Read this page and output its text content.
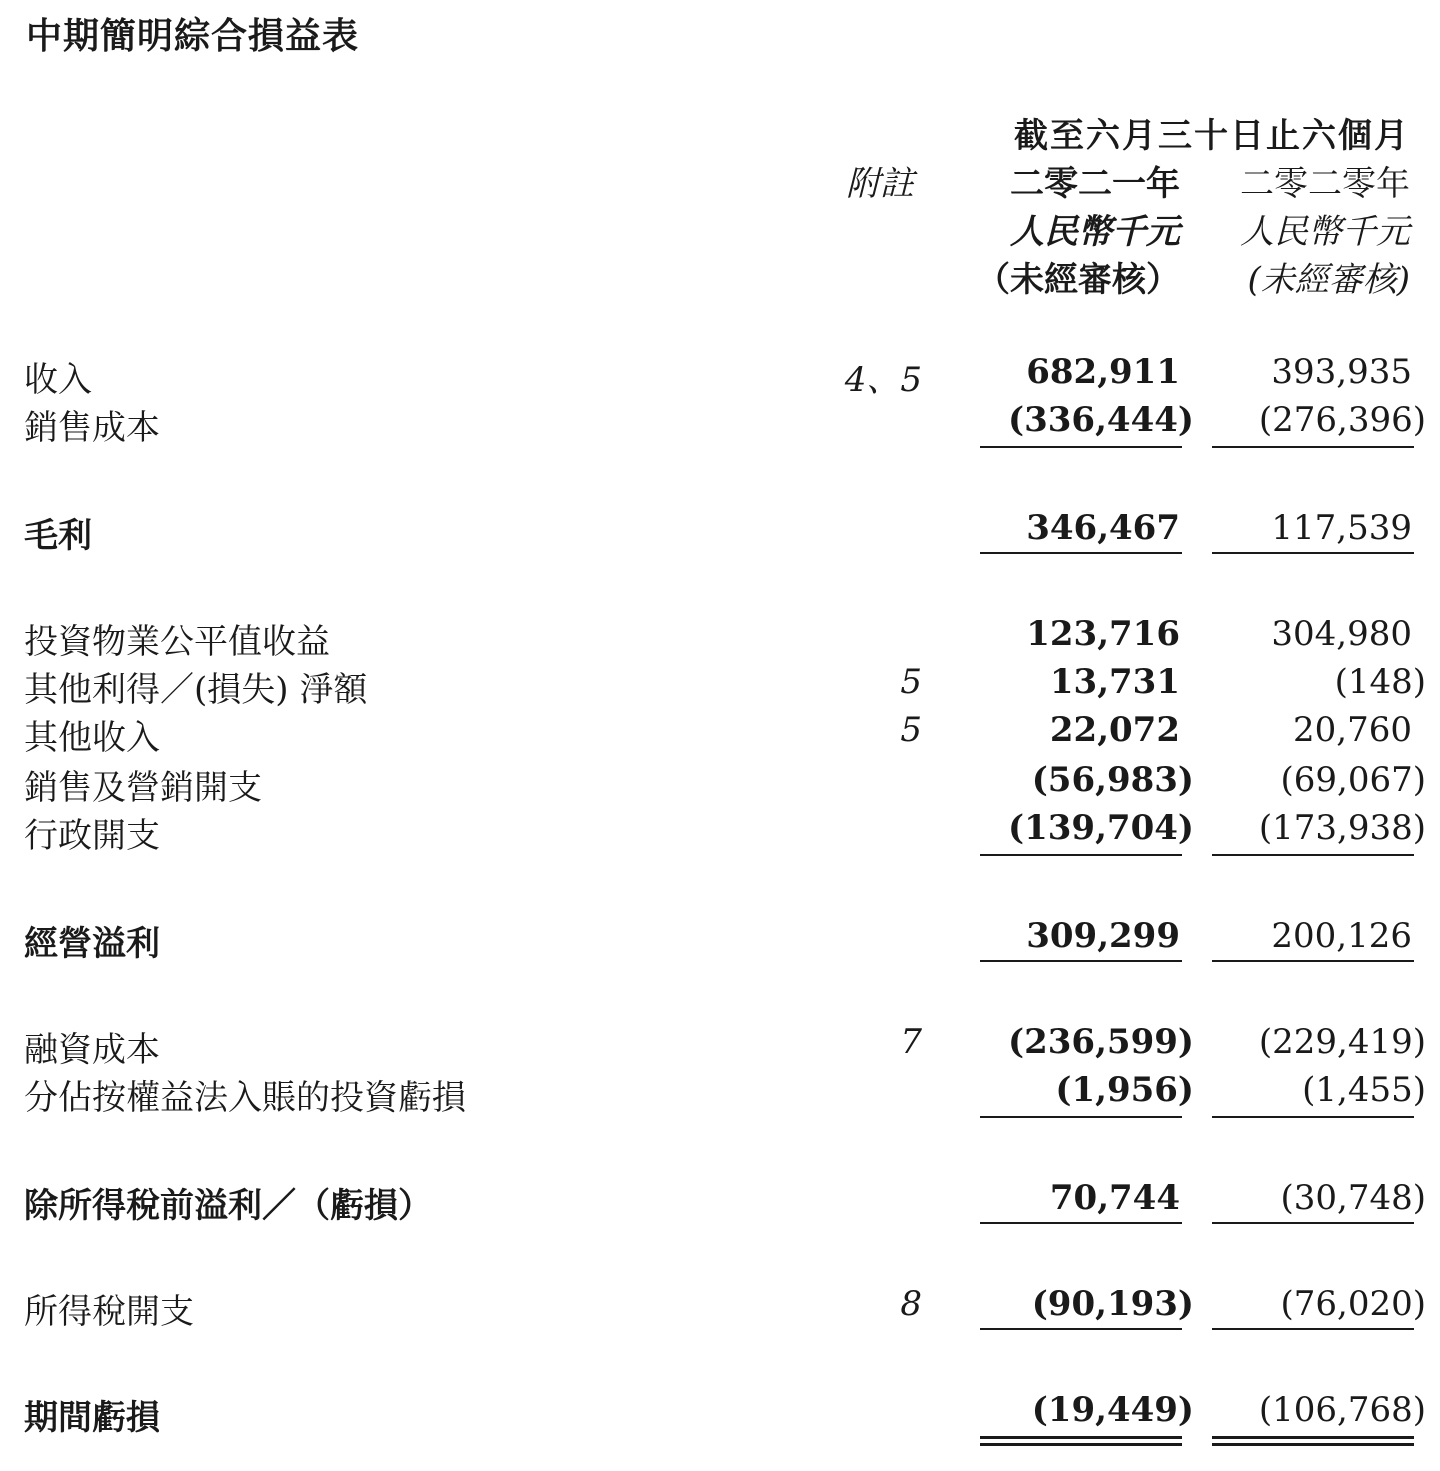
中期簡明綜合損益表
截至六月三十日止六個月
附註	二零二一年 二零二零年
人民幣千元 人民幣千元
（未經審核） (未經審核)
收入	4、5	682,911	393,935
銷售成本	(336,444)	(276,396)
毛利	346,467	117,539
投資物業公平值收益	123,716	304,980
其他利得／(損失) 淨額	5	13,731	(148)
其他收入	5	22,072	20,760
銷售及營銷開支	(56,983)	(69,067)
行政開支	(139,704)	(173,938)
經營溢利	309,299	200,126
融資成本	7	(236,599)	(229,419)
分佔按權益法入賬的投資虧損	(1,956)	(1,455)
除所得稅前溢利／（虧損）	70,744	(30,748)
所得稅開支	8	(90,193)	(76,020)
期間虧損	(19,449)	(106,768)
